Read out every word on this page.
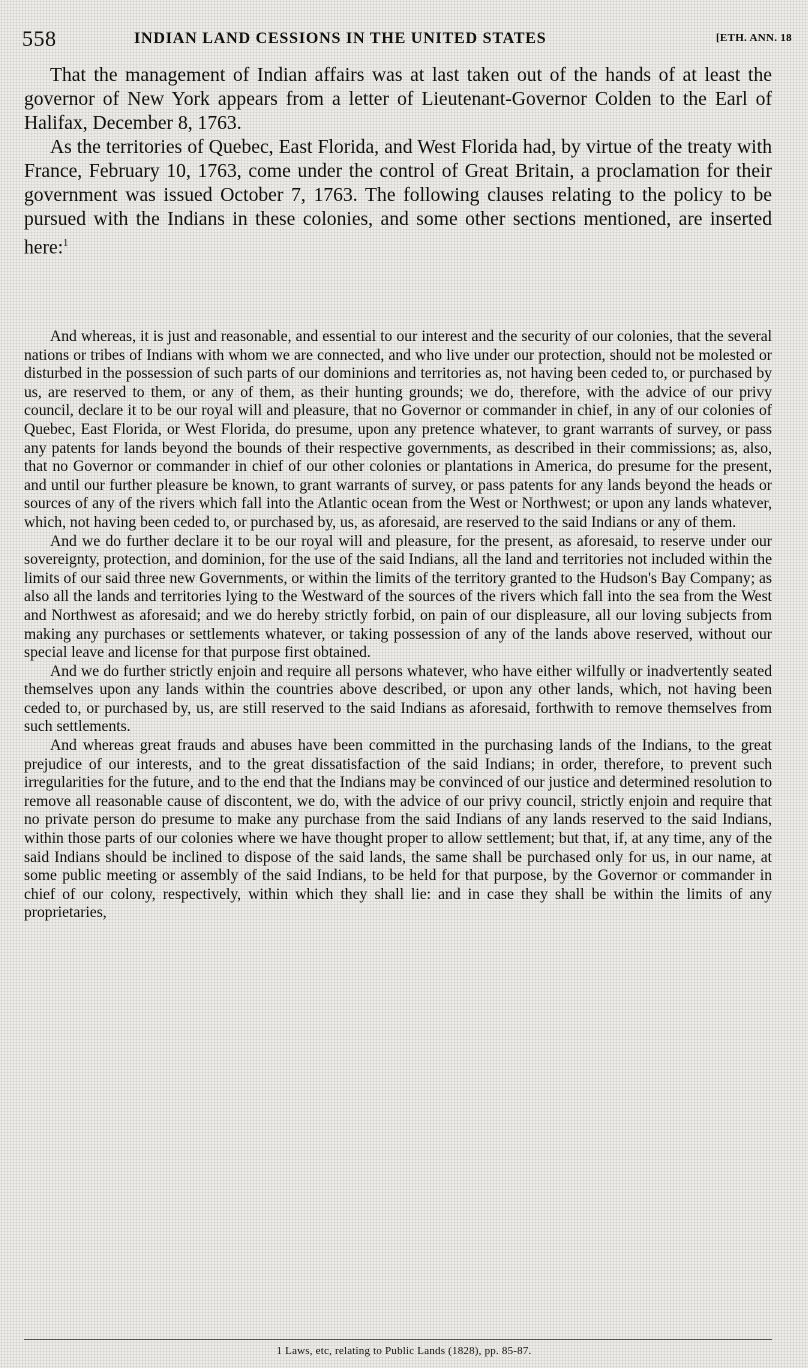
558	INDIAN LAND CESSIONS IN THE UNITED STATES	[ETH. ANN. 18

That the management of Indian affairs was at last taken out of the hands of at least the governor of New York appears from a letter of Lieutenant-Governor Colden to the Earl of Halifax, December 8, 1763.

As the territories of Quebec, East Florida, and West Florida had, by virtue of the treaty with France, February 10, 1763, come under the control of Great Britain, a proclamation for their government was issued October 7, 1763. The following clauses relating to the policy to be pursued with the Indians in these colonies, and some other sections mentioned, are inserted here:$^1$

And whereas, it is just and reasonable, and essential to our interest and the security of our colonies, that the several nations or tribes of Indians with whom we are connected, and who live under our protection, should not be molested or disturbed in the possession of such parts of our dominions and territories as, not having been ceded to, or purchased by us, are reserved to them, or any of them, as their hunting grounds; we do, therefore, with the advice of our privy council, declare it to be our royal will and pleasure, that no Governor or commander in chief, in any of our colonies of Quebec, East Florida, or West Florida, do presume, upon any pretence whatever, to grant warrants of survey, or pass any patents for lands beyond the bounds of their respective governments, as described in their commissions; as, also, that no Governor or commander in chief of our other colonies or plantations in America, do presume for the present, and until our further pleasure be known, to grant warrants of survey, or pass patents for any lands beyond the heads or sources of any of the rivers which fall into the Atlantic ocean from the West or Northwest; or upon any lands whatever, which, not having been ceded to, or purchased by, us, as aforesaid, are reserved to the said Indians or any of them.

And we do further declare it to be our royal will and pleasure, for the present, as aforesaid, to reserve under our sovereignty, protection, and dominion, for the use of the said Indians, all the land and territories not included within the limits of our said three new Governments, or within the limits of the territory granted to the Hudson's Bay Company; as also all the lands and territories lying to the Westward of the sources of the rivers which fall into the sea from the West and Northwest as aforesaid; and we do hereby strictly forbid, on pain of our displeasure, all our loving subjects from making any purchases or settlements whatever, or taking possession of any of the lands above reserved, without our special leave and license for that purpose first obtained.

And we do further strictly enjoin and require all persons whatever, who have either wilfully or inadvertently seated themselves upon any lands within the countries above described, or upon any other lands, which, not having been ceded to, or purchased by, us, are still reserved to the said Indians as aforesaid, forthwith to remove themselves from such settlements.

And whereas great frauds and abuses have been committed in the purchasing lands of the Indians, to the great prejudice of our interests, and to the great dissatisfaction of the said Indians; in order, therefore, to prevent such irregularities for the future, and to the end that the Indians may be convinced of our justice and determined resolution to remove all reasonable cause of discontent, we do, with the advice of our privy council, strictly enjoin and require that no private person do presume to make any purchase from the said Indians of any lands reserved to the said Indians, within those parts of our colonies where we have thought proper to allow settlement; but that, if, at any time, any of the said Indians should be inclined to dispose of the said lands, the same shall be purchased only for us, in our name, at some public meeting or assembly of the said Indians, to be held for that purpose, by the Governor or commander in chief of our colony, respectively, within which they shall lie: and in case they shall be within the limits of any proprietaries,

1 Laws, etc, relating to Public Lands (1828), pp. 85-87.
